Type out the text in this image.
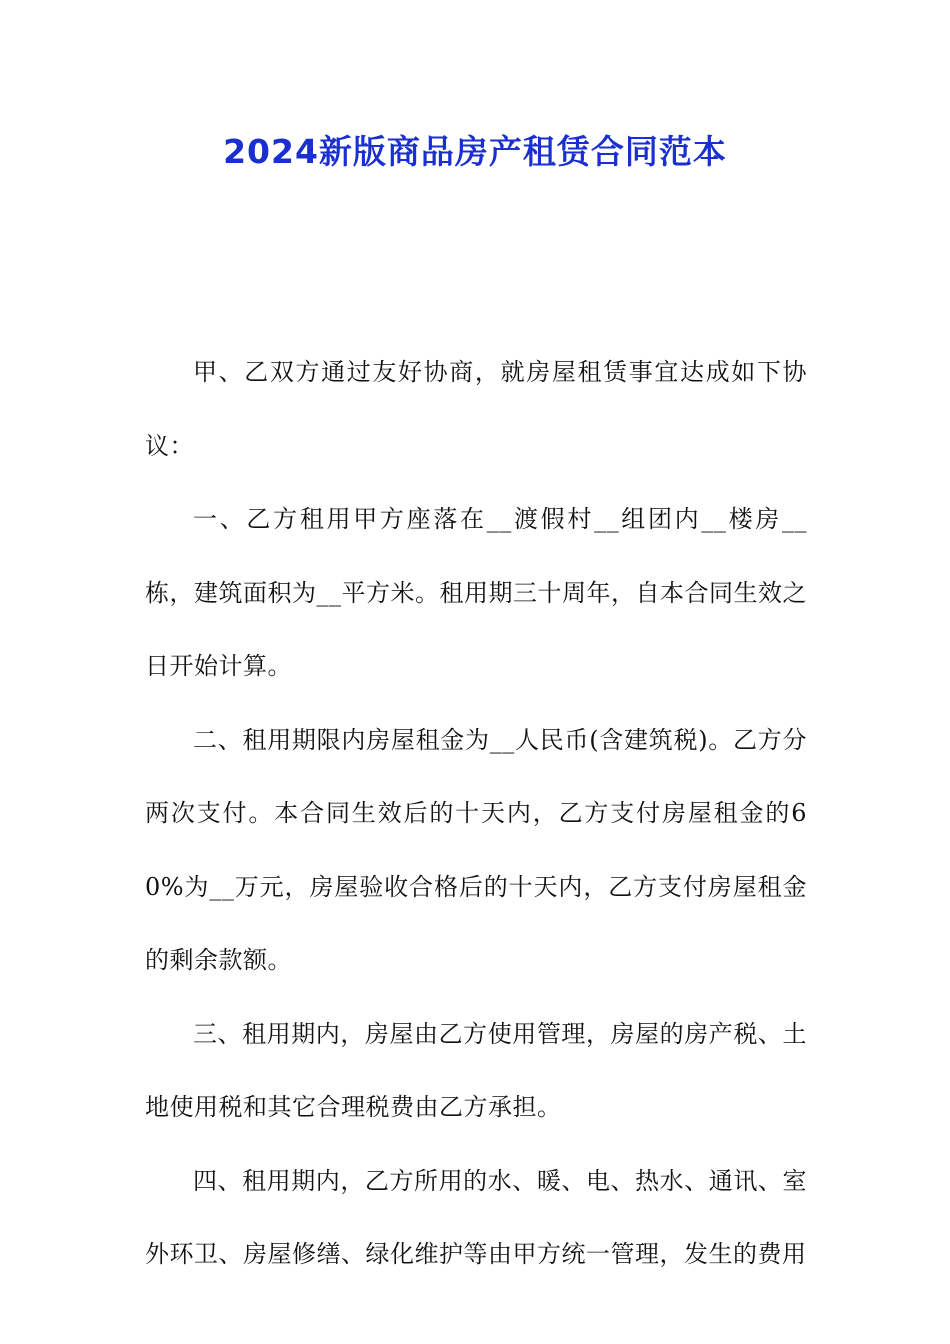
2024新版商品房产租赁合同范本

甲、乙双方通过友好协商，就房屋租赁事宜达成如下协议：

一、乙方租用甲方座落在__渡假村__组团内__楼房__栋，建筑面积为__平方米。租用期三十周年，自本合同生效之日开始计算。

二、租用期限内房屋租金为__人民币(含建筑税)。乙方分两次支付。本合同生效后的十天内，乙方支付房屋租金的60%为__万元，房屋验收合格后的十天内，乙方支付房屋租金的剩余款额。

三、租用期内，房屋由乙方使用管理，房屋的房产税、土地使用税和其它合理税费由乙方承担。

四、租用期内，乙方所用的水、暖、电、热水、通讯、室外环卫、房屋修缮、绿化维护等由甲方统一管理，发生的费用
